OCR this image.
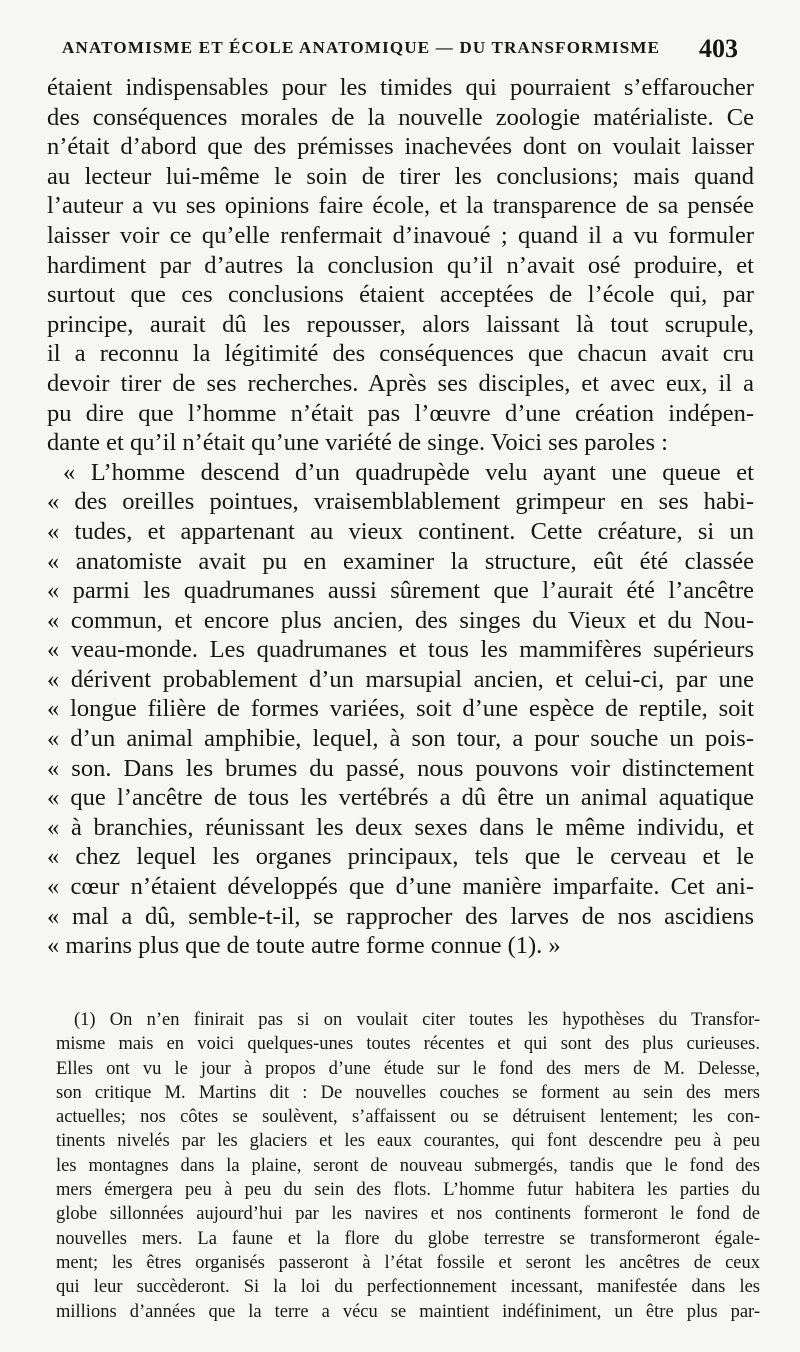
ANATOMISME ET ÉCOLE ANATOMIQUE — DU TRANSFORMISME 403
étaient indispensables pour les timides qui pourraient s’effaroucher
des conséquences morales de la nouvelle zoologie matérialiste. Ce
n’était d’abord que des prémisses inachevées dont on voulait laisser
au lecteur lui-même le soin de tirer les conclusions; mais quand
l’auteur a vu ses opinions faire école, et la transparence de sa pensée
laisser voir ce qu’elle renfermait d’inavoué ; quand il a vu formuler
hardiment par d’autres la conclusion qu’il n’avait osé produire, et
surtout que ces conclusions étaient acceptées de l’école qui, par
principe, aurait dû les repousser, alors laissant là tout scrupule,
il a reconnu la légitimité des conséquences que chacun avait cru
devoir tirer de ses recherches. Après ses disciples, et avec eux, il a
pu dire que l’homme n’était pas l’œuvre d’une création indépen-
dante et qu’il n’était qu’une variété de singe. Voici ses paroles :
« L’homme descend d’un quadrupède velu ayant une queue et
« des oreilles pointues, vraisemblablement grimpeur en ses habi-
« tudes, et appartenant au vieux continent. Cette créature, si un
« anatomiste avait pu en examiner la structure, eût été classée
« parmi les quadrumanes aussi sûrement que l’aurait été l’ancêtre
« commun, et encore plus ancien, des singes du Vieux et du Nou-
« veau-monde. Les quadrumanes et tous les mammifères supérieurs
« dérivent probablement d’un marsupial ancien, et celui-ci, par une
« longue filière de formes variées, soit d’une espèce de reptile, soit
« d’un animal amphibie, lequel, à son tour, a pour souche un pois-
« son. Dans les brumes du passé, nous pouvons voir distinctement
« que l’ancêtre de tous les vertébrés a dû être un animal aquatique
« à branchies, réunissant les deux sexes dans le même individu, et
« chez lequel les organes principaux, tels que le cerveau et le
« cœur n’étaient développés que d’une manière imparfaite. Cet ani-
« mal a dû, semble-t-il, se rapprocher des larves de nos ascidiens
« marins plus que de toute autre forme connue (1). »
(1) On n’en finirait pas si on voulait citer toutes les hypothèses du Transfor-
misme mais en voici quelques-unes toutes récentes et qui sont des plus curieuses.
Elles ont vu le jour à propos d’une étude sur le fond des mers de M. Delesse,
son critique M. Martins dit : De nouvelles couches se forment au sein des mers
actuelles; nos côtes se soulèvent, s’affaissent ou se détruisent lentement; les con-
tinents nivelés par les glaciers et les eaux courantes, qui font descendre peu à peu
les montagnes dans la plaine, seront de nouveau submergés, tandis que le fond des
mers émergera peu à peu du sein des flots. L’homme futur habitera les parties du
globe sillonnées aujourd’hui par les navires et nos continents formeront le fond de
nouvelles mers. La faune et la flore du globe terrestre se transformeront égale-
ment; les êtres organisés passeront à l’état fossile et seront les ancêtres de ceux
qui leur succèderont. Si la loi du perfectionnement incessant, manifestée dans les
millions d’années que la terre a vécu se maintient indéfiniment, un être plus par-
